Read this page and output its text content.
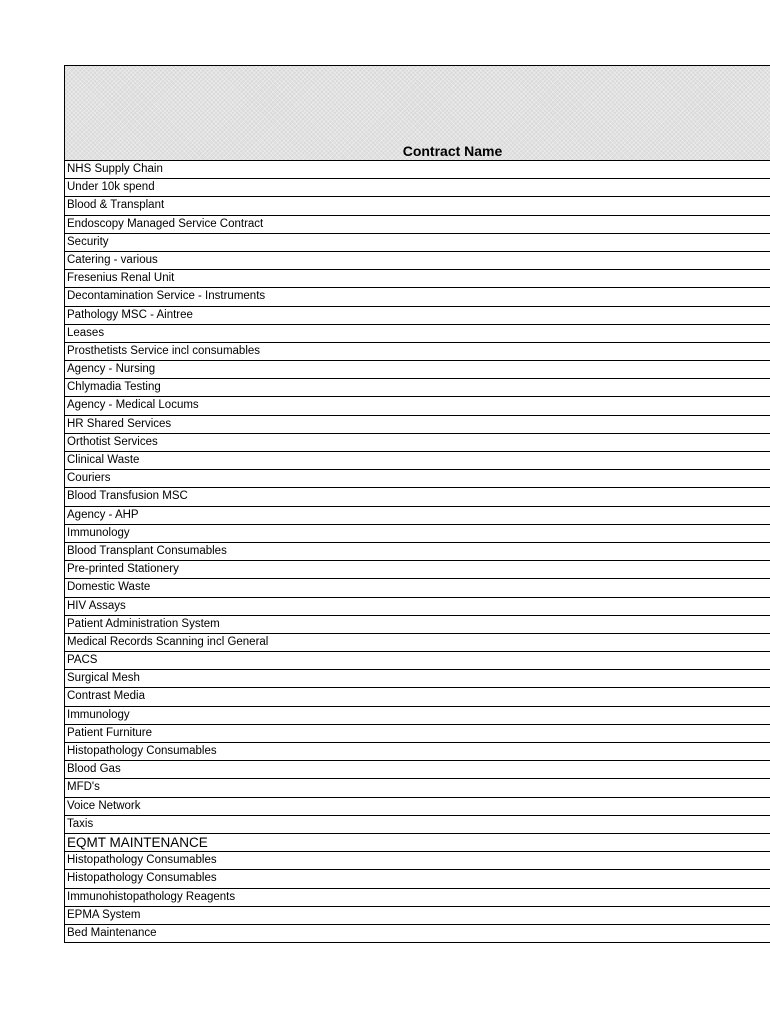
Contract Name
NHS Supply Chain
Under 10k spend
Blood & Transplant
Endoscopy Managed Service Contract
Security
Catering - various
Fresenius Renal Unit
Decontamination Service - Instruments
Pathology MSC - Aintree
Leases
Prosthetists Service incl consumables
Agency - Nursing
Chlymadia Testing
Agency - Medical Locums
HR Shared Services
Orthotist Services
Clinical Waste
Couriers
Blood Transfusion MSC
Agency - AHP
Immunology
Blood Transplant Consumables
Pre-printed Stationery
Domestic Waste
HIV Assays
Patient Administration System
Medical Records Scanning incl General
PACS
Surgical Mesh
Contrast Media
Immunology
Patient Furniture
Histopathology Consumables
Blood Gas
MFD's
Voice Network
Taxis
EQMT MAINTENANCE
Histopathology Consumables
Histopathology Consumables
Immunohistopathology Reagents
EPMA System
Bed Maintenance
